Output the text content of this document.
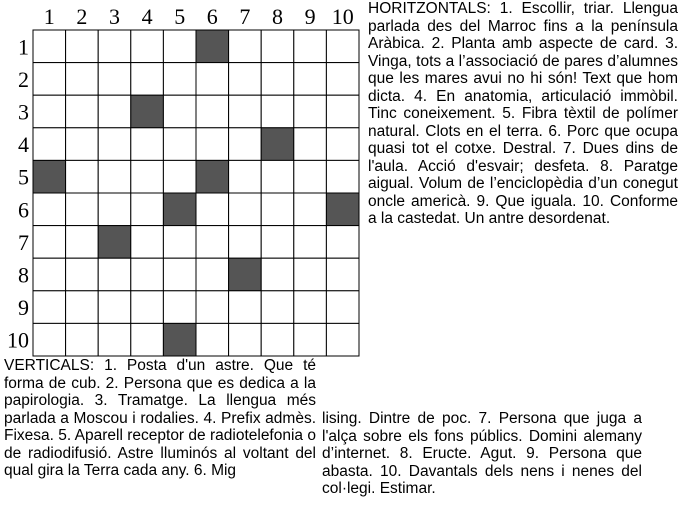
1 2 3 4 5 6 7 8 9 10
1
2
3
4
5
6
7
8
9
10

HORITZONTALS: 1. Escollir, triar. Llengua parlada des del Marroc fins a la península Aràbica. 2. Planta amb aspecte de card. 3. Vinga, tots a l’associació de pares d’alumnes que les mares avui no hi són! Text que hom dicta. 4. En anatomia, articulació immòbil. Tinc coneixement. 5. Fibra tèxtil de polímer natural. Clots en el terra. 6. Porc que ocupa quasi tot el cotxe. Destral. 7. Dues dins de l'aula. Acció d'esvair; desfeta. 8. Paratge aigual. Volum de l’enciclopèdia d’un conegut oncle americà. 9. Que iguala. 10. Conforme a la castedat. Un antre desordenat.

VERTICALS: 1. Posta d'un astre. Que té forma de cub. 2. Persona que es dedica a la papirologia. 3. Tramatge. La llengua més parlada a Moscou i rodalies. 4. Prefix admès. Fixesa. 5. Aparell receptor de radiotelefonia o de radiodifusió. Astre lluminós al voltant del qual gira la Terra cada any. 6. Mig

lising. Dintre de poc. 7. Persona que juga a l'alça sobre els fons públics. Domini alemany d’internet. 8. Eructe. Agut. 9. Persona que abasta. 10. Davantals dels nens i nenes del col·legi. Estimar.
